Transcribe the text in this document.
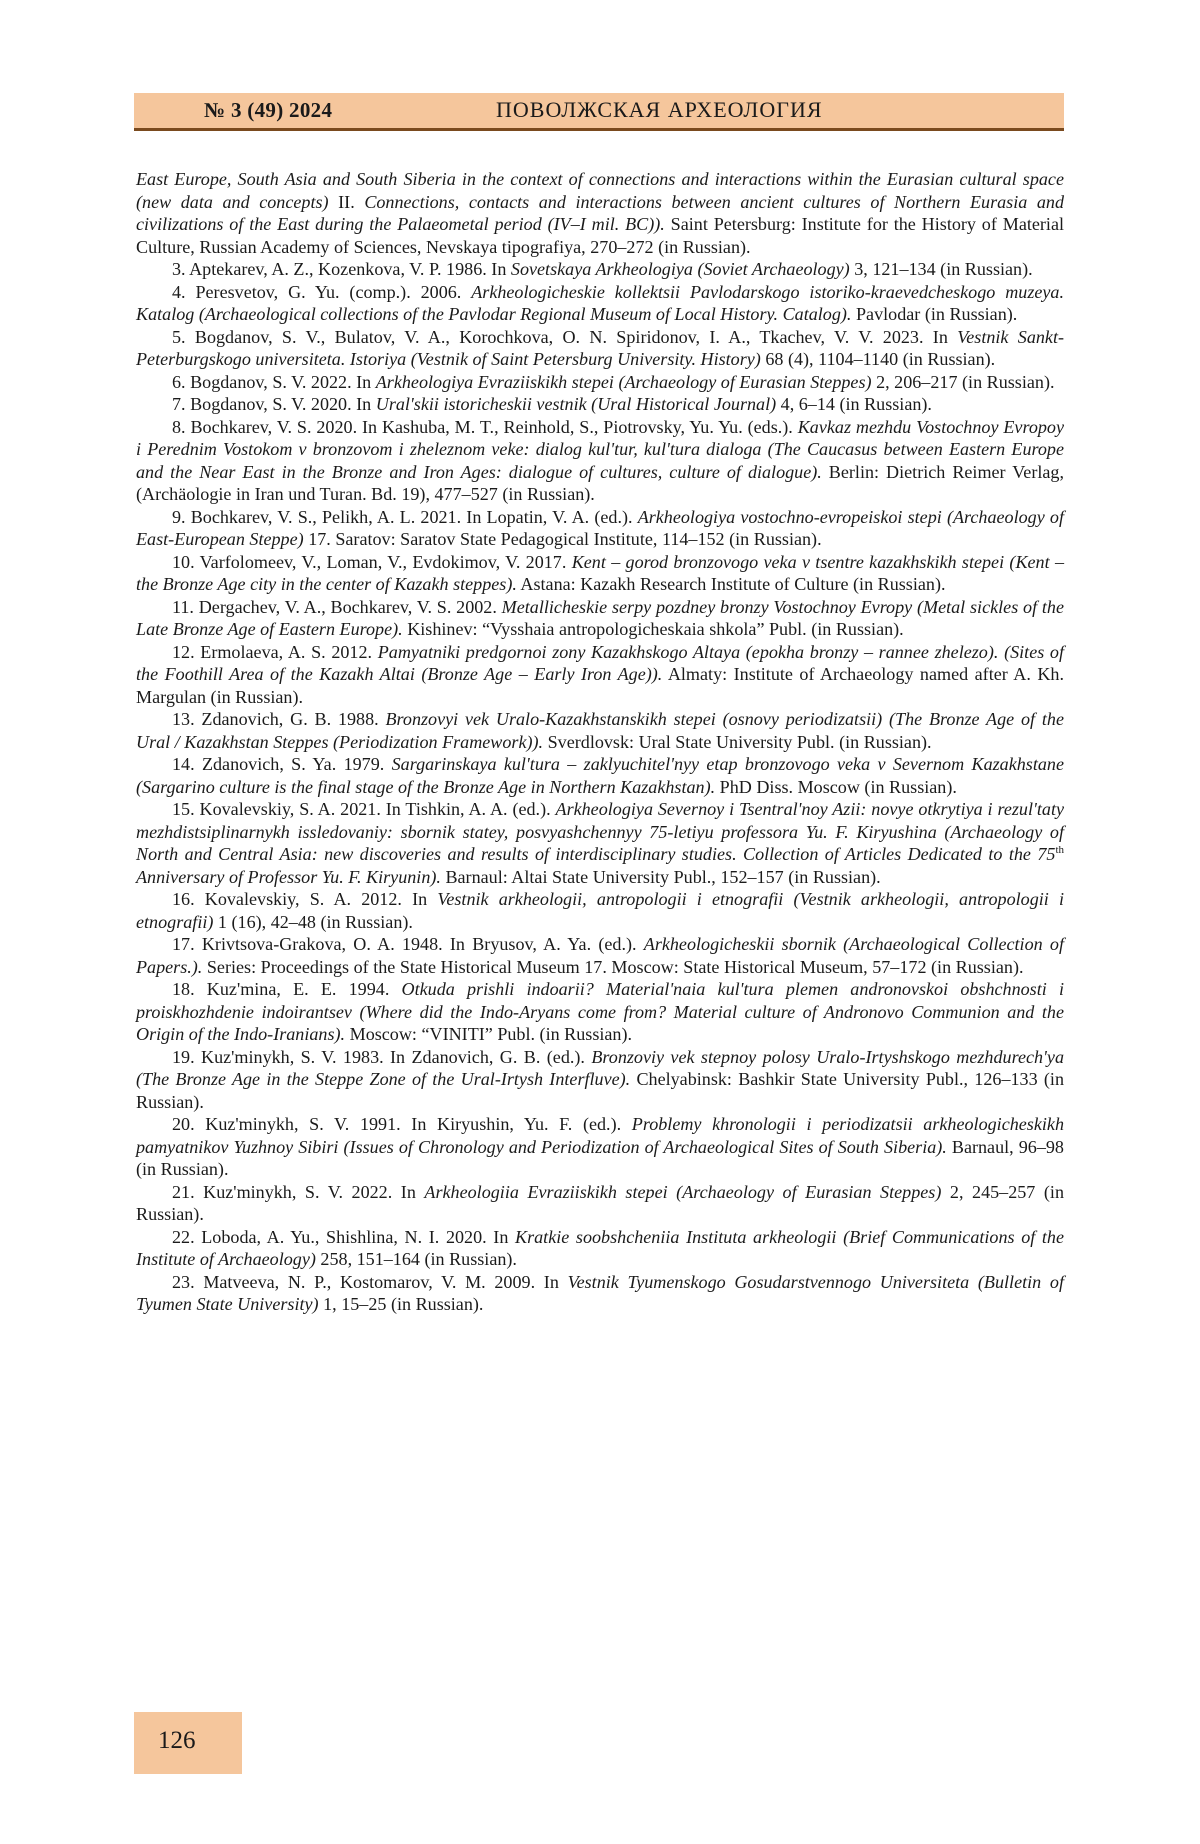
№ 3 (49) 2024	ПОВОЛЖСКАЯ АРХЕОЛОГИЯ

East Europe, South Asia and South Siberia in the context of connections and interactions within the Eurasian cultural space (new data and concepts) II. Connections, contacts and interactions between ancient cultures of Northern Eurasia and civilizations of the East during the Palaeometal period (IV–I mil. BC)). Saint Petersburg: Institute for the History of Material Culture, Russian Academy of Sciences, Nevskaya tipografiya, 270–272 (in Russian).

3. Aptekarev, A. Z., Kozenkova, V. P. 1986. In Sovetskaya Arkheologiya (Soviet Archaeology) 3, 121–134 (in Russian).

4. Peresvetov, G. Yu. (comp.). 2006. Arkheologicheskie kollektsii Pavlodarskogo istoriko-kraevedcheskogo muzeya. Katalog (Archaeological collections of the Pavlodar Regional Museum of Local History. Catalog). Pavlodar (in Russian).

5. Bogdanov, S. V., Bulatov, V. A., Korochkova, O. N. Spiridonov, I. A., Tkachev, V. V. 2023. In Vestnik Sankt-Peterburgskogo universiteta. Istoriya (Vestnik of Saint Petersburg University. History) 68 (4), 1104–1140 (in Russian).

6. Bogdanov, S. V. 2022. In Arkheologiya Evraziiskikh stepei (Archaeology of Eurasian Steppes) 2, 206–217 (in Russian).

7. Bogdanov, S. V. 2020. In Ural'skii istoricheskii vestnik (Ural Historical Journal) 4, 6–14 (in Russian).

8. Bochkarev, V. S. 2020. In Kashuba, M. T., Reinhold, S., Piotrovsky, Yu. Yu. (eds.). Kavkaz mezhdu Vostochnoy Evropoy i Perednim Vostokom v bronzovom i zheleznom veke: dialog kul'tur, kul'tura dialoga (The Caucasus between Eastern Europe and the Near East in the Bronze and Iron Ages: dialogue of cultures, culture of dialogue). Berlin: Dietrich Reimer Verlag, (Archäologie in Iran und Turan. Bd. 19), 477–527 (in Russian).

9. Bochkarev, V. S., Pelikh, A. L. 2021. In Lopatin, V. A. (ed.). Arkheologiya vostochno-evropeiskoi stepi (Archaeology of East-European Steppe) 17. Saratov: Saratov State Pedagogical Institute, 114–152 (in Russian).

10. Varfolomeev, V., Loman, V., Evdokimov, V. 2017. Kent – gorod bronzovogo veka v tsentre kazakhskikh stepei (Kent – the Bronze Age city in the center of Kazakh steppes). Astana: Kazakh Research Institute of Culture (in Russian).

11. Dergachev, V. A., Bochkarev, V. S. 2002. Metallicheskie serpy pozdney bronzy Vostochnoy Evropy (Metal sickles of the Late Bronze Age of Eastern Europe). Kishinev: “Vysshaia antropologicheskaia shkola” Publ. (in Russian).

12. Ermolaeva, A. S. 2012. Pamyatniki predgornoi zony Kazakhskogo Altaya (epokha bronzy – rannee zhelezo). (Sites of the Foothill Area of the Kazakh Altai (Bronze Age – Early Iron Age)). Almaty: Institute of Archaeology named after A. Kh. Margulan (in Russian).

13. Zdanovich, G. B. 1988. Bronzovyi vek Uralo-Kazakhstanskikh stepei (osnovy periodizatsii) (The Bronze Age of the Ural / Kazakhstan Steppes (Periodization Framework)). Sverdlovsk: Ural State University Publ. (in Russian).

14. Zdanovich, S. Ya. 1979. Sargarinskaya kul'tura – zaklyuchitel'nyy etap bronzovogo veka v Severnom Kazakhstane (Sargarino culture is the final stage of the Bronze Age in Northern Kazakhstan). PhD Diss. Moscow (in Russian).

15. Kovalevskiy, S. A. 2021. In Tishkin, A. A. (ed.). Arkheologiya Severnoy i Tsentral'noy Azii: novye otkrytiya i rezul'taty mezhdistsiplinarnykh issledovaniy: sbornik statey, posvyashchennyy 75-letiyu professora Yu. F. Kiryushina (Archaeology of North and Central Asia: new discoveries and results of interdisciplinary studies. Collection of Articles Dedicated to the 75th Anniversary of Professor Yu. F. Kiryunin). Barnaul: Altai State University Publ., 152–157 (in Russian).

16. Kovalevskiy, S. A. 2012. In Vestnik arkheologii, antropologii i etnografii (Vestnik arkheologii, antropologii i etnografii) 1 (16), 42–48 (in Russian).

17. Krivtsova-Grakova, O. A. 1948. In Bryusov, A. Ya. (ed.). Arkheologicheskii sbornik (Archaeological Collection of Papers.). Series: Proceedings of the State Historical Museum 17. Moscow: State Historical Museum, 57–172 (in Russian).

18. Kuz'mina, E. E. 1994. Otkuda prishli indoarii? Material'naia kul'tura plemen andronovskoi obshchnosti i proiskhozhdenie indoirantsev (Where did the Indo-Aryans come from? Material culture of Andronovo Communion and the Origin of the Indo-Iranians). Moscow: “VINITI” Publ. (in Russian).

19. Kuz'minykh, S. V. 1983. In Zdanovich, G. B. (ed.). Bronzoviy vek stepnoy polosy Uralo-Irtyshskogo mezhdurech'ya (The Bronze Age in the Steppe Zone of the Ural-Irtysh Interfluve). Chelyabinsk: Bashkir State University Publ., 126–133 (in Russian).

20. Kuz'minykh, S. V. 1991. In Kiryushin, Yu. F. (ed.). Problemy khronologii i periodizatsii arkheologicheskikh pamyatnikov Yuzhnoy Sibiri (Issues of Chronology and Periodization of Archaeological Sites of South Siberia). Barnaul, 96–98 (in Russian).

21. Kuz'minykh, S. V. 2022. In Arkheologiia Evraziiskikh stepei (Archaeology of Eurasian Steppes) 2, 245–257 (in Russian).

22. Loboda, A. Yu., Shishlina, N. I. 2020. In Kratkie soobshcheniia Instituta arkheologii (Brief Communications of the Institute of Archaeology) 258, 151–164 (in Russian).

23. Matveeva, N. P., Kostomarov, V. M. 2009. In Vestnik Tyumenskogo Gosudarstvennogo Universiteta (Bulletin of Tyumen State University) 1, 15–25 (in Russian).

126
